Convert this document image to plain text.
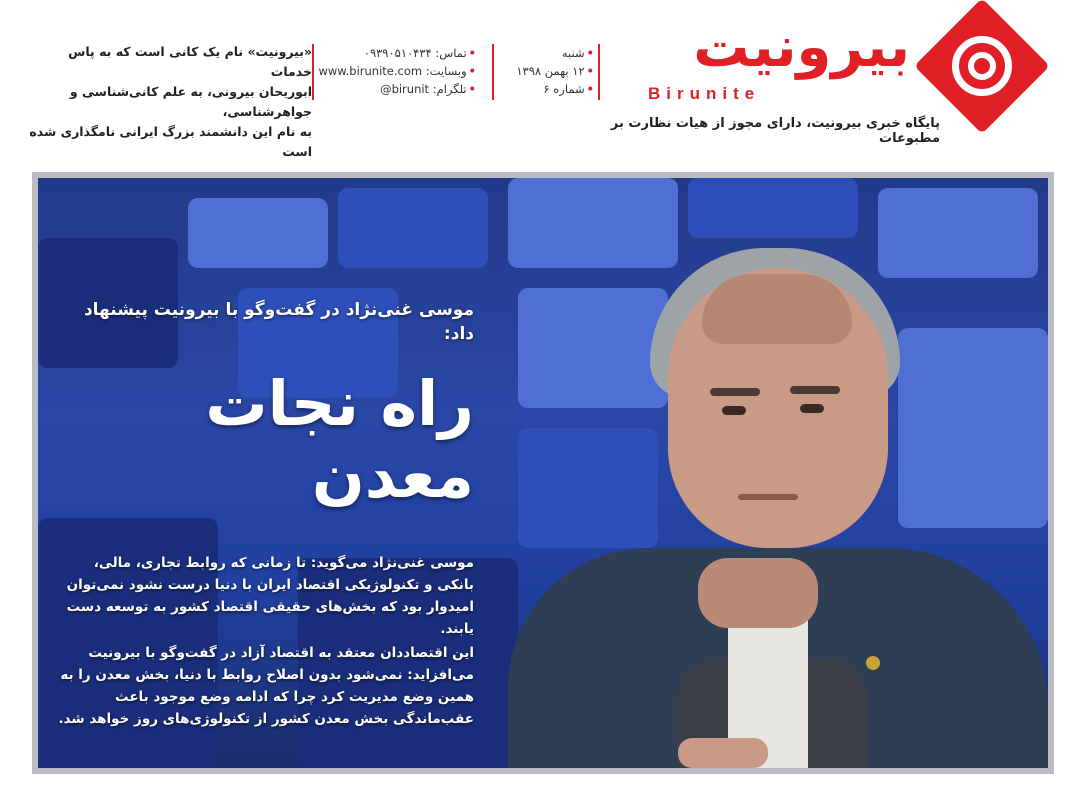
بیرونیت
Birunite
پایگاه خبری بیرونیت، دارای مجوز از هیات نظارت بر مطبوعات
•شنبه
•۱۲ بهمن ۱۳۹۸
•شماره ۶
•تماس: ۰۹۳۹۰۵۱۰۴۳۴
•وبسایت: www.birunite.com
•تلگرام: birunit@
«بیرونیت» نام یک کانی است که به پاس خدمات
ابوریحان بیرونی، به علم کانی‌شناسی و جواهرشناسی،
به نام این دانشمند بزرگ ایرانی نامگذاری شده است

موسی غنی‌نژاد در گفت‌وگو با بیرونیت پیشنهاد داد:

راه نجات معدن

موسی غنی‌نژاد می‌گوید: تا زمانی که روابط تجاری، مالی، بانکی و تکنولوژیکی اقتصاد ایران با دنیا درست نشود نمی‌توان امیدوار بود که بخش‌های حقیقی اقتصاد کشور به توسعه دست یابند.

این اقتصاددان معتقد به اقتصاد آزاد در گفت‌وگو با بیرونیت می‌افزاید: نمی‌شود بدون اصلاح روابط با دنیا، بخش معدن را به همین وضع مدیریت کرد چرا که ادامه وضع موجود باعث عقب‌ماندگی بخش معدن کشور از تکنولوژی‌های روز خواهد شد.
